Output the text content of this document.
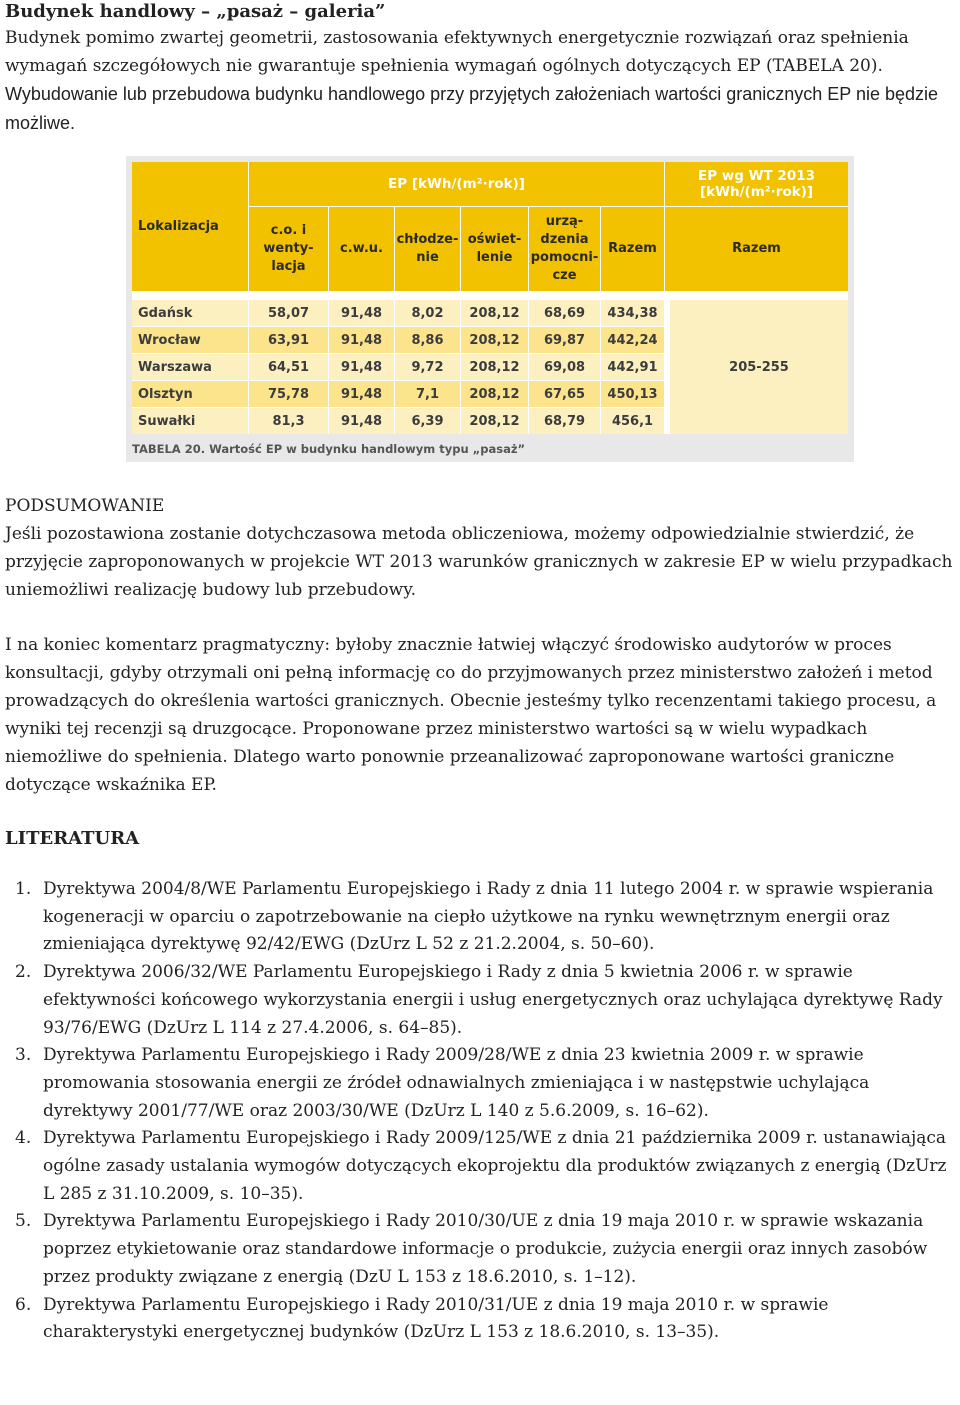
Budynek handlowy – „pasaż – galeria”

Budynek pomimo zwartej geometrii, zastosowania efektywnych energetycznie rozwiązań oraz spełnienia wymagań szczegółowych nie gwarantuje spełnienia wymagań ogólnych dotyczących EP (TABELA 20). Wybudowanie lub przebudowa budynku handlowego przy przyjętych założeniach wartości granicznych EP nie będzie możliwe.

Lokalizacja	EP [kWh/(m²·rok)]						EP wg WT 2013 [kWh/(m²·rok)]
	c.o. i wenty-lacja	c.w.u.	chłodze-nie	oświet-lenie	urzą-dzenia pomocni-cze	Razem	Razem

Gdańsk	58,07	91,48	8,02	208,12	68,69	434,38	205-255
Wrocław	63,91	91,48	8,86	208,12	69,87	442,24	
Warszawa	64,51	91,48	9,72	208,12	69,08	442,91	
Olsztyn	75,78	91,48	7,1	208,12	67,65	450,13	
Suwałki	81,3	91,48	6,39	208,12	68,79	456,1	
TABELA 20. Wartość EP w budynku handlowym typu „pasaż”

PODSUMOWANIE

Jeśli pozostawiona zostanie dotychczasowa metoda obliczeniowa, możemy odpowiedzialnie stwierdzić, że przyjęcie zaproponowanych w projekcie WT 2013 warunków granicznych w zakresie EP w wielu przypadkach uniemożliwi realizację budowy lub przebudowy.

I na koniec komentarz pragmatyczny: byłoby znacznie łatwiej włączyć środowisko audytorów w proces konsultacji, gdyby otrzymali oni pełną informację co do przyjmowanych przez ministerstwo założeń i metod prowadzących do określenia wartości granicznych. Obecnie jesteśmy tylko recenzentami takiego procesu, a wyniki tej recenzji są druzgocące. Proponowane przez ministerstwo wartości są w wielu wypadkach niemożliwe do spełnienia. Dlatego warto ponownie przeanalizować zaproponowane wartości graniczne dotyczące wskaźnika EP.

LITERATURA
1. Dyrektywa 2004/8/WE Parlamentu Europejskiego i Rady z dnia 11 lutego 2004 r. w sprawie wspierania kogeneracji w oparciu o zapotrzebowanie na ciepło użytkowe na rynku wewnętrznym energii oraz zmieniająca dyrektywę 92/42/EWG (DzUrz L 52 z 21.2.2004, s. 50–60).
2. Dyrektywa 2006/32/WE Parlamentu Europejskiego i Rady z dnia 5 kwietnia 2006 r. w sprawie efektywności końcowego wykorzystania energii i usług energetycznych oraz uchylająca dyrektywę Rady 93/76/EWG (DzUrz L 114 z 27.4.2006, s. 64–85).
3. Dyrektywa Parlamentu Europejskiego i Rady 2009/28/WE z dnia 23 kwietnia 2009 r. w sprawie promowania stosowania energii ze źródeł odnawialnych zmieniająca i w następstwie uchylająca dyrektywy 2001/77/WE oraz 2003/30/WE (DzUrz L 140 z 5.6.2009, s. 16–62).
4. Dyrektywa Parlamentu Europejskiego i Rady 2009/125/WE z dnia 21 października 2009 r. ustanawiająca ogólne zasady ustalania wymogów dotyczących ekoprojektu dla produktów związanych z energią (DzUrz L 285 z 31.10.2009, s. 10–35).
5. Dyrektywa Parlamentu Europejskiego i Rady 2010/30/UE z dnia 19 maja 2010 r. w sprawie wskazania poprzez etykietowanie oraz standardowe informacje o produkcie, zużycia energii oraz innych zasobów przez produkty związane z energią (DzU L 153 z 18.6.2010, s. 1–12).
6. Dyrektywa Parlamentu Europejskiego i Rady 2010/31/UE z dnia 19 maja 2010 r. w sprawie charakterystyki energetycznej budynków (DzUrz L 153 z 18.6.2010, s. 13–35).
